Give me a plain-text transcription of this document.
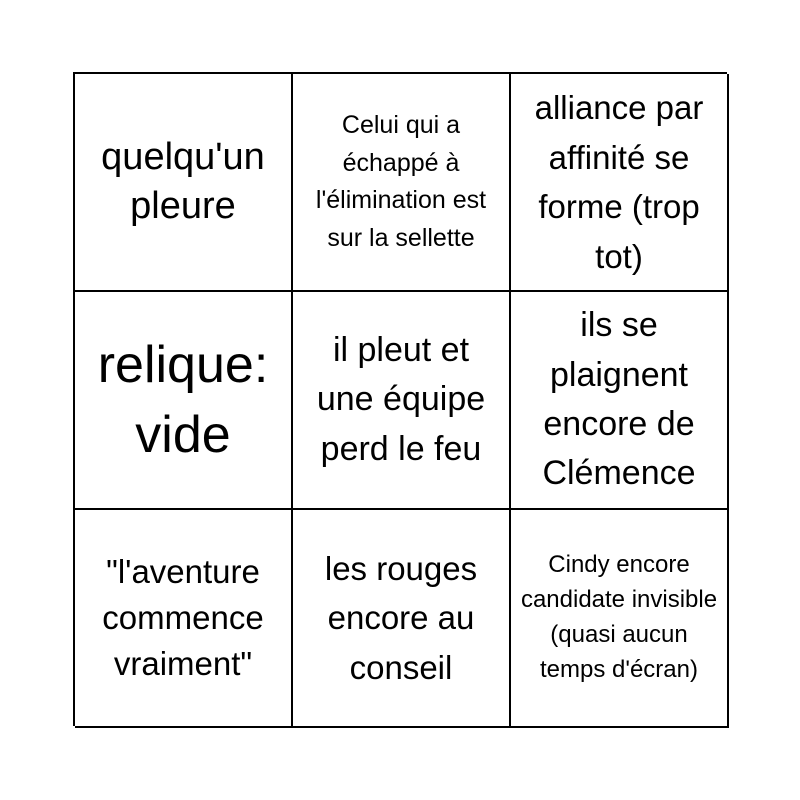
quelqu'un pleure
Celui qui a échappé à l'élimination est sur la sellette
alliance par affinité se forme (trop tot)
relique: vide
il pleut et une équipe perd le feu
ils se plaignent encore de Clémence
"l'aventure commence vraiment"
les rouges encore au conseil
Cindy encore candidate invisible (quasi aucun temps d'écran)
